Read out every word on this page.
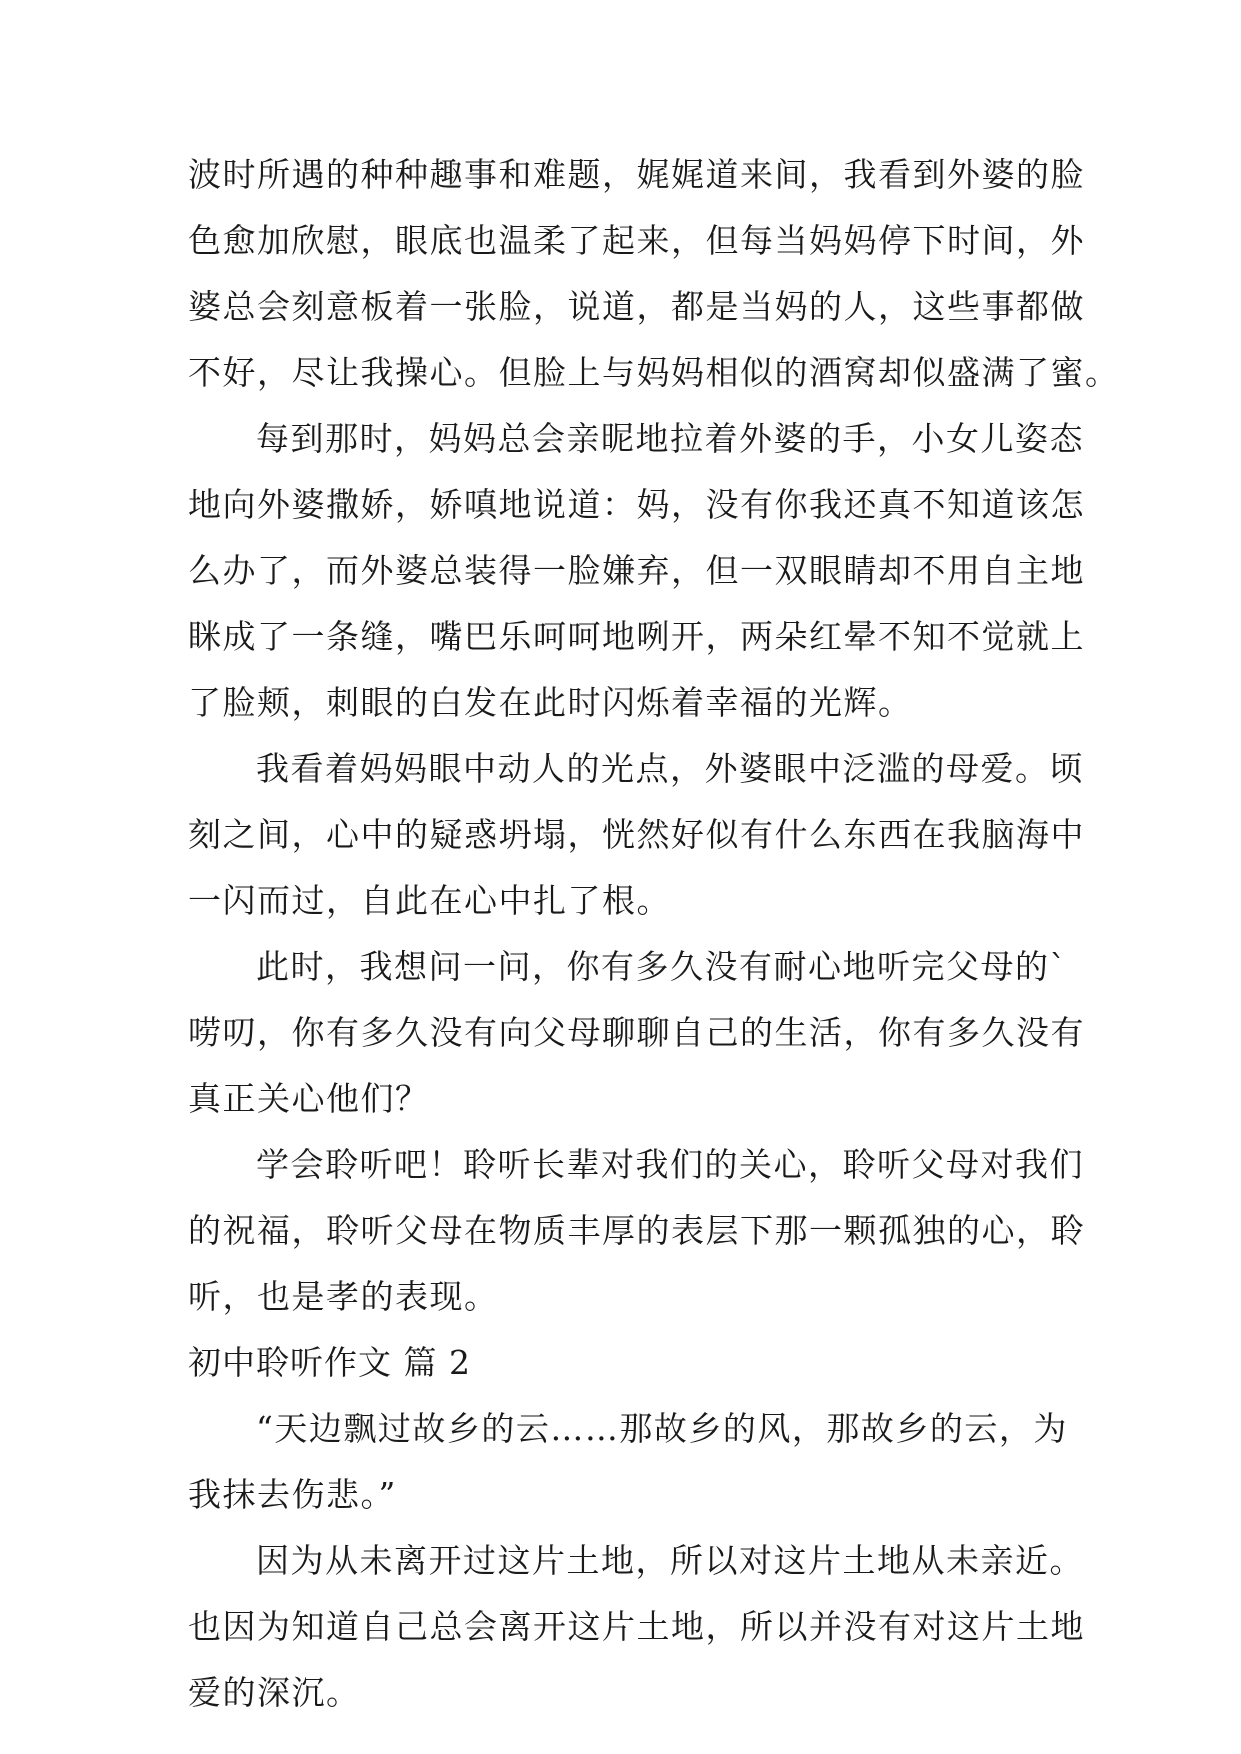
波时所遇的种种趣事和难题，娓娓道来间，我看到外婆的脸
色愈加欣慰，眼底也温柔了起来，但每当妈妈停下时间，外
婆总会刻意板着一张脸，说道，都是当妈的人，这些事都做
不好，尽让我操心。但脸上与妈妈相似的酒窝却似盛满了蜜。
每到那时，妈妈总会亲昵地拉着外婆的手，小女儿姿态
地向外婆撒娇，娇嗔地说道：妈，没有你我还真不知道该怎
么办了，而外婆总装得一脸嫌弃，但一双眼睛却不用自主地
眯成了一条缝，嘴巴乐呵呵地咧开，两朵红晕不知不觉就上
了脸颊，刺眼的白发在此时闪烁着幸福的光辉。
我看着妈妈眼中动人的光点，外婆眼中泛滥的母爱。顷
刻之间，心中的疑惑坍塌，恍然好似有什么东西在我脑海中
一闪而过，自此在心中扎了根。
此时，我想问一问，你有多久没有耐心地听完父母的`
唠叨，你有多久没有向父母聊聊自己的生活，你有多久没有
真正关心他们？
学会聆听吧！聆听长辈对我们的关心，聆听父母对我们
的祝福，聆听父母在物质丰厚的表层下那一颗孤独的心，聆
听，也是孝的表现。
初中聆听作文 篇 2
“天边飘过故乡的云……那故乡的风，那故乡的云，为
我抹去伤悲。”
因为从未离开过这片土地，所以对这片土地从未亲近。
也因为知道自己总会离开这片土地，所以并没有对这片土地
爱的深沉。
